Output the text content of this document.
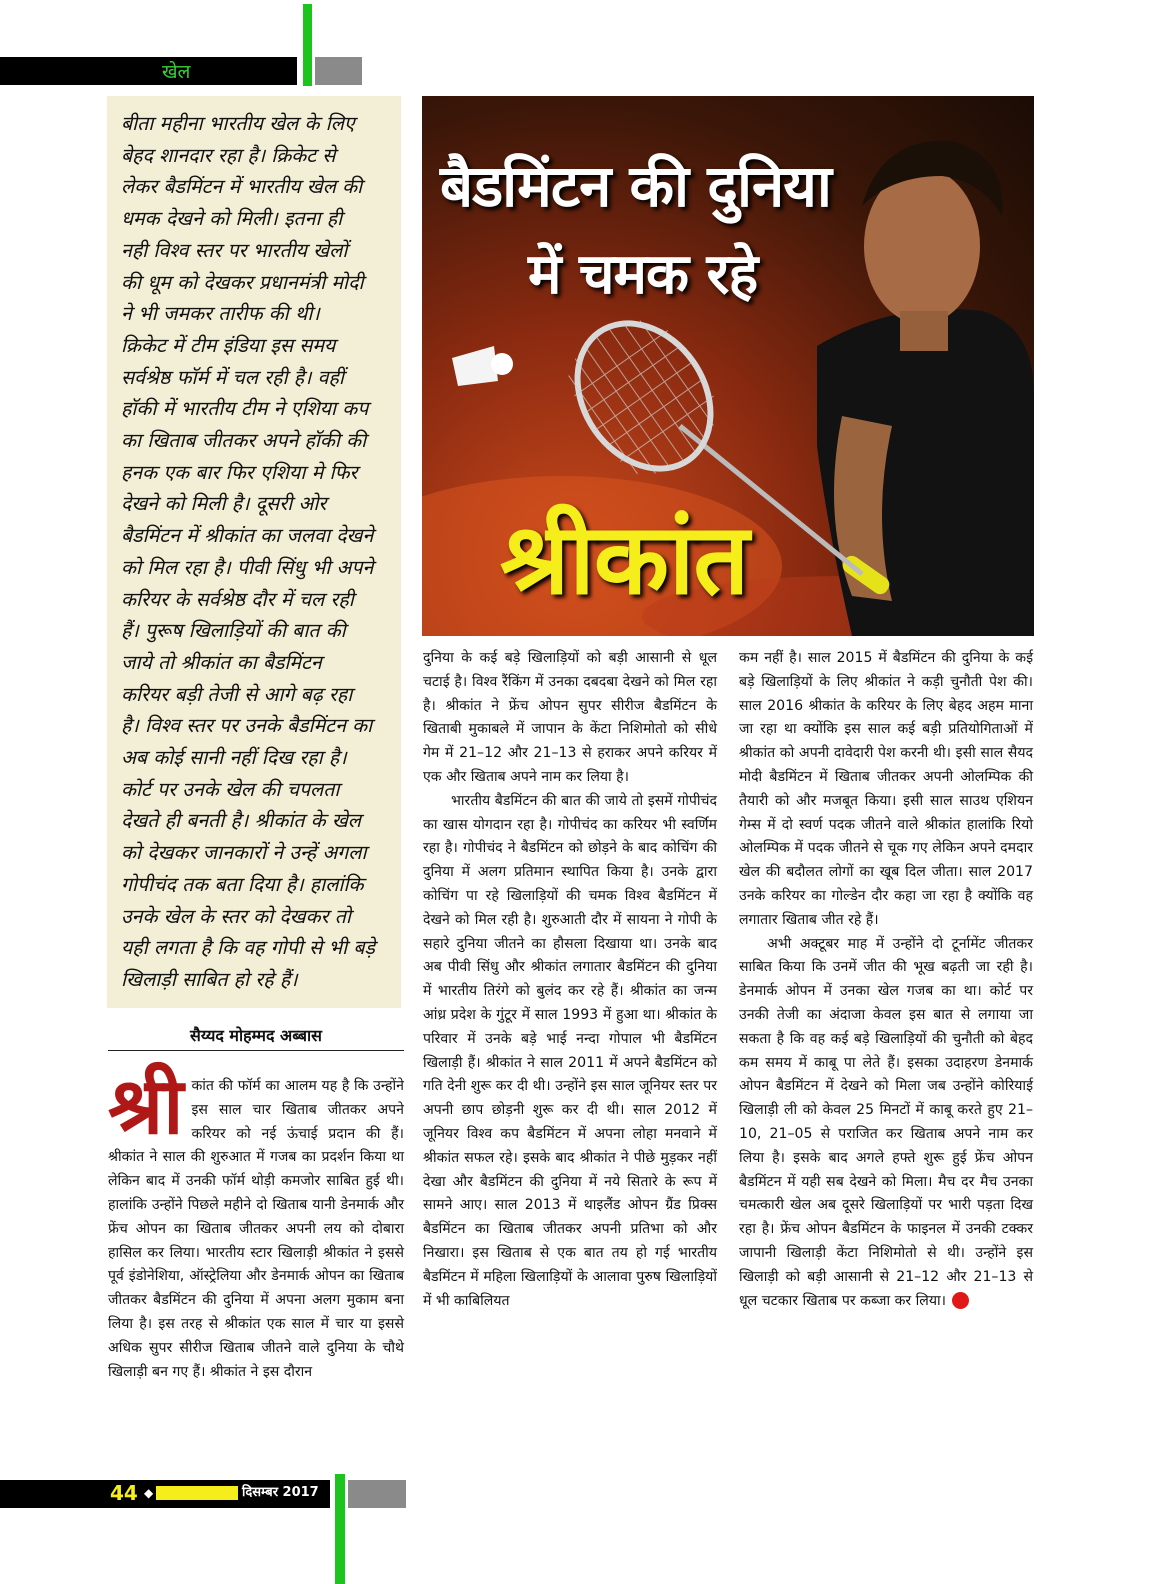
खेल
बीता महीना भारतीय खेल के लिए
बेहद शानदार रहा है। क्रिकेट से
लेकर बैडमिंटन में भारतीय खेल की
धमक देखने को मिली। इतना ही
नही विश्व स्तर पर भारतीय खेलों
की धूम को देखकर प्रधानमंत्री मोदी
ने भी जमकर तारीफ की थी।
क्रिकेट में टीम इंडिया इस समय
सर्वश्रेष्ठ फॉर्म में चल रही है। वहीं
हॉकी में भारतीय टीम ने एशिया कप
का खिताब जीतकर अपने हॉकी की
हनक एक बार फिर एशिया मे फिर
देखने को मिली है। दूसरी ओर
बैडमिंटन में श्रीकांत का जलवा देखने
को मिल रहा है। पीवी सिंधु भी अपने
करियर के सर्वश्रेष्ठ दौर में चल रही
हैं। पुरूष खिलाड़ियों की बात की
जाये तो श्रीकांत का बैडमिंटन
करियर बड़ी तेजी से आगे बढ़ रहा
है। विश्व स्तर पर उनके बैडमिंटन का
अब कोई सानी नहीं दिख रहा है।
कोर्ट पर उनके खेल की चपलता
देखते ही बनती है। श्रीकांत के खेल
को देखकर जानकारों ने उन्हें अगला
गोपीचंद तक बता दिया है। हालांकि
उनके खेल के स्तर को देखकर तो
यही लगता है कि वह गोपी से भी बड़े
खिलाड़ी साबित हो रहे हैं।
बैडमिंटन की दुनिया
में चमक रहे
श्रीकांत
सैय्यद मोहम्मद अब्बास

श्री कांत की फॉर्म का आलम यह है कि उन्होंने इस साल चार खिताब जीतकर अपने करियर को नई ऊंचाई प्रदान की हैं। श्रीकांत ने साल की शुरुआत में गजब का प्रदर्शन किया था लेकिन बाद में उनकी फॉर्म थोड़ी कमजोर साबित हुई थी। हालांकि उन्होंने पिछले महीने दो खिताब यानी डेनमार्क और फ्रेंच ओपन का खिताब जीतकर अपनी लय को दोबारा हासिल कर लिया। भारतीय स्टार खिलाड़ी श्रीकांत ने इससे पूर्व इंडोनेशिया, ऑस्ट्रेलिया और डेनमार्क ओपन का खिताब जीतकर बैडमिंटन की दुनिया में अपना अलग मुकाम बना लिया है। इस तरह से श्रीकांत एक साल में चार या इससे अधिक सुपर सीरीज खिताब जीतने वाले दुनिया के चौथे खिलाड़ी बन गए हैं। श्रीकांत ने इस दौरान

दुनिया के कई बड़े खिलाड़ियों को बड़ी आसानी से धूल चटाई है। विश्व रैंकिंग में उनका दबदबा देखने को मिल रहा है। श्रीकांत ने फ्रेंच ओपन सुपर सीरीज बैडमिंटन के खिताबी मुकाबले में जापान के केंटा निशिमोतो को सीधे गेम में 21–12 और 21–13 से हराकर अपने करियर में एक और खिताब अपने नाम कर लिया है।

भारतीय बैडमिंटन की बात की जाये तो इसमें गोपीचंद का खास योगदान रहा है। गोपीचंद का करियर भी स्वर्णिम रहा है। गोपीचंद ने बैडमिंटन को छोड़ने के बाद कोचिंग की दुनिया में अलग प्रतिमान स्थापित किया है। उनके द्वारा कोचिंग पा रहे खिलाड़ियों की चमक विश्व बैडमिंटन में देखने को मिल रही है। शुरुआती दौर में सायना ने गोपी के सहारे दुनिया जीतने का हौसला दिखाया था। उनके बाद अब पीवी सिंधु और श्रीकांत लगातार बैडमिंटन की दुनिया में भारतीय तिरंगे को बुलंद कर रहे हैं। श्रीकांत का जन्म आंध्र प्रदेश के गुंटूर में साल 1993 में हुआ था। श्रीकांत के परिवार में उनके बड़े भाई नन्दा गोपाल भी बैडमिंटन खिलाड़ी हैं। श्रीकांत ने साल 2011 में अपने बैडमिंटन को गति देनी शुरू कर दी थी। उन्होंने इस साल जूनियर स्तर पर अपनी छाप छोड़नी शुरू कर दी थी। साल 2012 में जूनियर विश्व कप बैडमिंटन में अपना लोहा मनवाने में श्रीकांत सफल रहे। इसके बाद श्रीकांत ने पीछे मुड़कर नहीं देखा और बैडमिंटन की दुनिया में नये सितारे के रूप में सामने आए। साल 2013 में थाइलैंड ओपन ग्रैंड प्रिक्स बैडमिंटन का खिताब जीतकर अपनी प्रतिभा को और निखारा। इस खिताब से एक बात तय हो गई भारतीय बैडमिंटन में महिला खिलाड़ियों के आलावा पुरुष खिलाड़ियों में भी काबिलियत

कम नहीं है। साल 2015 में बैडमिंटन की दुनिया के कई बड़े खिलाड़ियों के लिए श्रीकांत ने कड़ी चुनौती पेश की। साल 2016 श्रीकांत के करियर के लिए बेहद अहम माना जा रहा था क्योंकि इस साल कई बड़ी प्रतियोगिताओं में श्रीकांत को अपनी दावेदारी पेश करनी थी। इसी साल सैयद मोदी बैडमिंटन में खिताब जीतकर अपनी ओलम्पिक की तैयारी को और मजबूत किया। इसी साल साउथ एशियन गेम्स में दो स्वर्ण पदक जीतने वाले श्रीकांत हालांकि रियो ओलम्पिक में पदक जीतने से चूक गए लेकिन अपने दमदार खेल की बदौलत लोगों का खूब दिल जीता। साल 2017 उनके करियर का गोल्डेन दौर कहा जा रहा है क्योंकि वह लगातार खिताब जीत रहे हैं।

अभी अक्टूबर माह में उन्होंने दो टूर्नामेंट जीतकर साबित किया कि उनमें जीत की भूख बढ़ती जा रही है। डेनमार्क ओपन में उनका खेल गजब का था। कोर्ट पर उनकी तेजी का अंदाजा केवल इस बात से लगाया जा सकता है कि वह कई बड़े खिलाड़ियों की चुनौती को बेहद कम समय में काबू पा लेते हैं। इसका उदाहरण डेनमार्क ओपन बैडमिंटन में देखने को मिला जब उन्होंने कोरियाई खिलाड़ी ली को केवल 25 मिनटों में काबू करते हुए 21–10, 21–05 से पराजित कर खिताब अपने नाम कर लिया है। इसके बाद अगले हफ्ते शुरू हुई फ्रेंच ओपन बैडमिंटन में यही सब देखने को मिला। मैच दर मैच उनका चमत्कारी खेल अब दूसरे खिलाड़ियों पर भारी पड़ता दिख रहा है। फ्रेंच ओपन बैडमिंटन के फाइनल में उनकी टक्कर जापानी खिलाड़ी केंटा निशिमोतो से थी। उन्होंने इस खिलाड़ी को बड़ी आसानी से 21–12 और 21–13 से धूल चटकार खिताब पर कब्जा कर लिया।

44 ◆	दिसम्बर 2017
